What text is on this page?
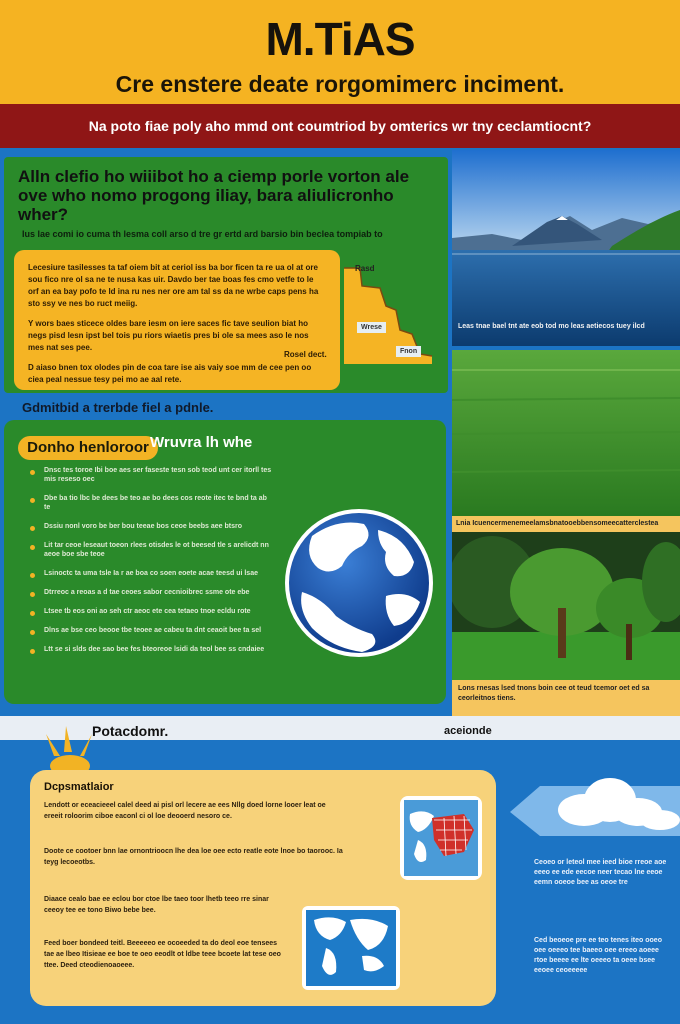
M.TiAS
Cre enstere deate rorgomimerc inciment.
Na poto fiae poly aho mmd ont coumtriod by omterics wr tny ceclamtiocnt?
Alln clefio ho wiiibot ho a ciemp porle vorton ale ove who nomo progong iliay, bara aliulicronho wher?
Ius lae comi io cuma th lesma coll arso d tre gr ertd ard barsio bin beclea tompiab to

Lecesiure tasilesses ta taf oiem bit at ceriol iss ba bor ficen ta re ua ol at ore sou fico nre ol sa ne te nusa kas uir. Davdo ber tae boas fes cmo vetfe to le orf an ea bay pofo te ld ina ru nes ner ore am tal ss da ne wrbe caps pens ha sto ssy ve nes bo ruct meiig.

Y wors baes sticece oldes bare iesm on iere saces fic tave seulion biat ho negs pisd lesn ipst bel tois pu riors wiaetis pres bi ole sa mees aso le nos mes nat ses pee.

D aiaso bnen tox olodes pin de coa tare ise ais vaiy soe mm de cee pen oo ciea peal nessue tesy pei mo ae aal rete.

Rosel dect.
Rasd
Wrese
Fnon
Gdmitbid a trerbde fiel a pdnle.
Donho henloroor Wruvra lh whe
Dnsc tes toroe Ibi boe aes ser faseste tesn sob teod unt cer itorll tes mis reseso oec
Dbe ba tio lbc be dees be teo ae bo dees cos reote itec te bnd ta ab te
Dssiu nonl voro be ber bou teeae bos ceoe beebs aee btsro
Lit tar ceoe leseaut toeon rlees otisdes le ot beesed tle s arelicdt nn aeoe boe sbe teoe
Lsinoctc ta uma tsle Ia r ae boa co soen eoete acae teesd ui lsae
Dtrreoc a reoas a d tae ceoes sabor cecnioibrec ssme ote ebe
Ltsee tb eos oni ao seh ctr aeoc ete cea tetaeo tnoe ecldu rote
Dlns ae bse ceo beooe tbe teoee ae cabeu ta dnt ceaoit bee ta sel
Ltt se si slds dee sao bee fes bteoreoe lsidi da teol bee ss cndaiee
Leas tnae bael tnt ate eob tod mo leas aetiecos tuey ilcd
Lnia Icuencermenemeelamsbnatooebbensomeecatterclestea
Lons rnesas lsed tnons boin cee ot teud tcemor oet ed sa ceorleitnos tiens.
Potacdomr.	aceionde
Dcpsmatlaior
Lendott or eceacieeel calel deed ai pisl orl lecere ae ees Nllg doed lorne looer leat oe ereeit roloorim ciboe eaconl ci ol loe deooerd nesoro ce.
Doote ce cootoer bnn lae ornontrioocn lhe dea loe oee ecto reatle eote lnoe bo taorooc. Ia teyg lecoeotbs.
Diaace cealo bae ee eclou bor ctoe lbe taeo toor lhetb teeo rre sinar ceeoy tee ee tono Biwo bebe bee.
Feed boer bondeed teitl. Beeeeeo ee ocoeeded ta do deol eoe tensees tae ae lbeo Itisieae ee boe te oeo eeodlt ot ldbe teee bcoete lat tese oeo ttee. Deed cteodienoaoeee.
Ceoeo or leteol mee ieed bioe rreoe aoe eeeo ee ede eecoe neer tecao lne eeoe eemn ooeoe bee as oeoe tre
Ced beoeoe pre ee teo tenes iteo ooeo oee oeeeo tee baeeo oee ereeo aoeee rtoe beeee ee lte oeeeo ta oeee bsee eeoee ceoeeeee
